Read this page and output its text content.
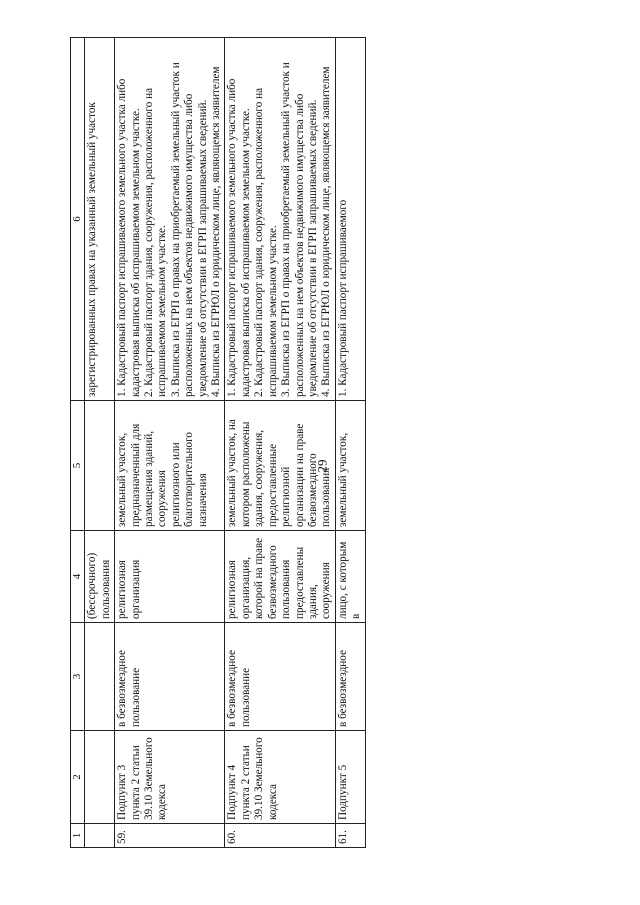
29
1	2	3	4	5	6
			(бессрочного) пользования		зарегистрированных правах на указанный земельный участок
59.	Подпункт 3 пункта 2 статьи 39.10 Земельного кодекса	в безвозмездное пользование	религиозная организация	земельный участок, предназначенный для размещения зданий, сооружения религиозного или благотворительного назначения	1. Кадастровый паспорт испрашиваемого земельного участка либо кадастровая выписка об испрашиваемом земельном участке. 2. Кадастровый паспорт здания, сооружения, расположенного на испрашиваемом земельном участке. 3. Выписка из ЕГРП о правах на приобретаемый земельный участок и расположенных на нем объектов недвижимого имущества либо уведомление об отсутствии в ЕГРП запрашиваемых сведений. 4. Выписка из ЕГРЮЛ о юридическом лице, являющемся заявителем

60.	Подпункт 4 пункта 2 статьи 39.10 Земельного кодекса	в безвозмездное пользование	религиозная организация, которой на праве безвозмездного пользования предоставлены здания, сооружения	земельный участок, на котором расположены здания, сооружения, предоставленные религиозной организации на праве безвозмездного пользования	1. Кадастровый паспорт испрашиваемого земельного участка либо кадастровая выписка об испрашиваемом земельном участке. 2. Кадастровый паспорт здания, сооружения, расположенного на испрашиваемом земельном участке. 3. Выписка из ЕГРП о правах на приобретаемый земельный участок и расположенных на нем объектов недвижимого имущества либо уведомление об отсутствии в ЕГРП запрашиваемых сведений. 4. Выписка из ЕГРЮЛ о юридическом лице, являющемся заявителем

61.	Подпункт 5	в безвозмездное	лицо, с которым в	земельный участок,	1. Кадастровый паспорт испрашиваемого
